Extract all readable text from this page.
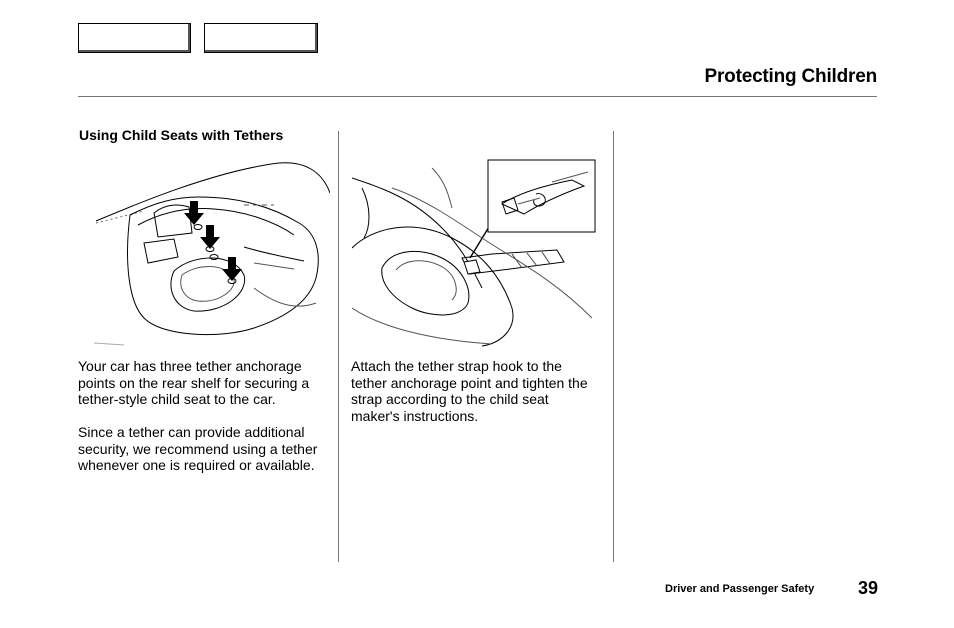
Protecting Children
Using Child Seats with Tethers

Your car has three tether anchorage points on the rear shelf for securing a tether-style child seat to the car.

Since a tether can provide additional security, we recommend using a tether whenever one is required or available.

Attach the tether strap hook to the tether anchorage point and tighten the strap according to the child seat maker's instructions.

Driver and Passenger Safety 39
